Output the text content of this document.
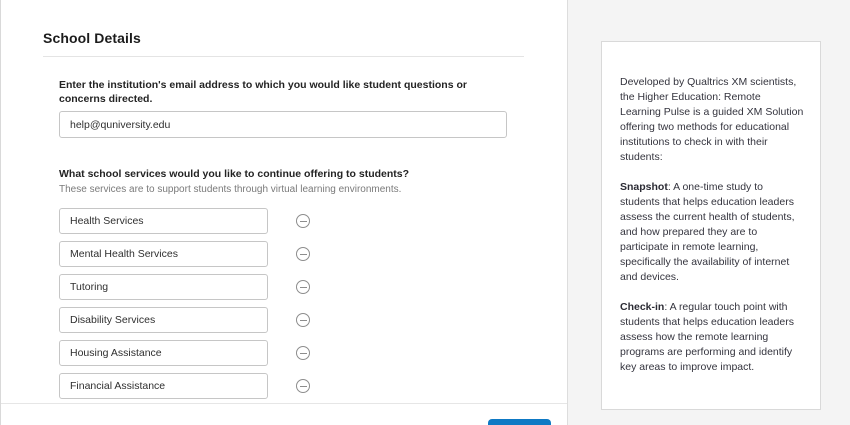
School Details
Enter the institution's email address to which you would like student questions or concerns directed.
help@quniversity.edu
What school services would you like to continue offering to students?
These services are to support students through virtual learning environments.
Health Services
Mental Health Services
Tutoring
Disability Services
Housing Assistance
Financial Assistance

Developed by Qualtrics XM scientists, the Higher Education: Remote Learning Pulse is a guided XM Solution offering two methods for educational institutions to check in with their students:

Snapshot: A one-time study to students that helps education leaders assess the current health of students, and how prepared they are to participate in remote learning, specifically the availability of internet and devices.

Check-in: A regular touch point with students that helps education leaders assess how the remote learning programs are performing and identify key areas to improve impact.
